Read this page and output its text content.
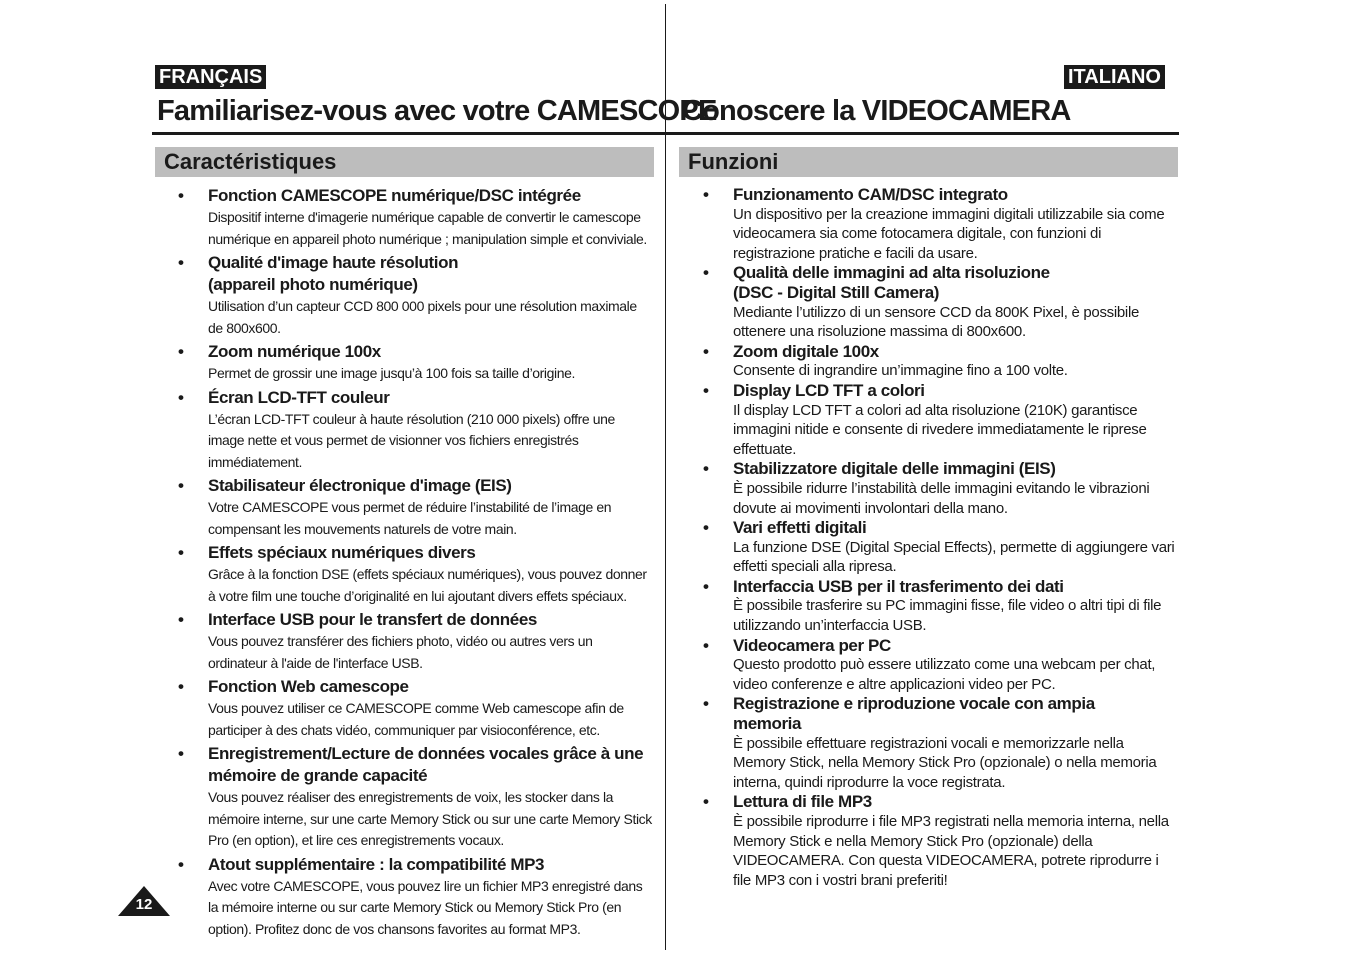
FRANÇAIS	ITALIANO
Familiarisez-vous avec votre CAMESCOPE
Conoscere la VIDEOCAMERA
Caractéristiques	Funzioni
• Fonction CAMESCOPE numérique/DSC intégrée
Dispositif interne d'imagerie numérique capable de convertir le camescope numérique en appareil photo numérique ; manipulation simple et conviviale.
• Qualité d'image haute résolution
(appareil photo numérique)
Utilisation d’un capteur CCD 800 000 pixels pour une résolution maximale de 800x600.
• Zoom numérique 100x
Permet de grossir une image jusqu’à 100 fois sa taille d’origine.
• Écran LCD-TFT couleur
L’écran LCD-TFT couleur à haute résolution (210 000 pixels) offre une image nette et vous permet de visionner vos fichiers enregistrés immédiatement.
• Stabilisateur électronique d'image (EIS)
Votre CAMESCOPE vous permet de réduire l’instabilité de l’image en compensant les mouvements naturels de votre main.
• Effets spéciaux numériques divers
Grâce à la fonction DSE (effets spéciaux numériques), vous pouvez donner à votre film une touche d’originalité en lui ajoutant divers effets spéciaux.
• Interface USB pour le transfert de données
Vous pouvez transférer des fichiers photo, vidéo ou autres vers un ordinateur à l'aide de l'interface USB.
• Fonction Web camescope
Vous pouvez utiliser ce CAMESCOPE comme Web camescope afin de participer à des chats vidéo, communiquer par visioconférence, etc.
• Enregistrement/Lecture de données vocales grâce à une
mémoire de grande capacité
Vous pouvez réaliser des enregistrements de voix, les stocker dans la mémoire interne, sur une carte Memory Stick ou sur une carte Memory Stick Pro (en option), et lire ces enregistrements vocaux.
• Atout supplémentaire : la compatibilité MP3
Avec votre CAMESCOPE, vous pouvez lire un fichier MP3 enregistré dans la mémoire interne ou sur carte Memory Stick ou Memory Stick Pro (en option). Profitez donc de vos chansons favorites au format MP3.
• Funzionamento CAM/DSC integrato
Un dispositivo per la creazione immagini digitali utilizzabile sia come videocamera sia come fotocamera digitale, con funzioni di registrazione pratiche e facili da usare.
• Qualità delle immagini ad alta risoluzione
(DSC - Digital Still Camera)
Mediante l’utilizzo di un sensore CCD da 800K Pixel, è possibile ottenere una risoluzione massima di 800x600.
• Zoom digitale 100x
Consente di ingrandire un’immagine fino a 100 volte.
• Display LCD TFT a colori
Il display LCD TFT a colori ad alta risoluzione (210K) garantisce immagini nitide e consente di rivedere immediatamente le riprese effettuate.
• Stabilizzatore digitale delle immagini (EIS)
È possibile ridurre l’instabilità delle immagini evitando le vibrazioni dovute ai movimenti involontari della mano.
• Vari effetti digitali
La funzione DSE (Digital Special Effects), permette di aggiungere vari effetti speciali alla ripresa.
• Interfaccia USB per il trasferimento dei dati
È possibile trasferire su PC immagini fisse, file video o altri tipi di file utilizzando un’interfaccia USB.
• Videocamera per PC
Questo prodotto può essere utilizzato come una webcam per chat, video conferenze e altre applicazioni video per PC.
• Registrazione e riproduzione vocale con ampia
memoria
È possibile effettuare registrazioni vocali e memorizzarle nella Memory Stick, nella Memory Stick Pro (opzionale) o nella memoria interna, quindi riprodurre la voce registrata.
• Lettura di file MP3
È possibile riprodurre i file MP3 registrati nella memoria interna, nella Memory Stick e nella Memory Stick Pro (opzionale) della VIDEOCAMERA. Con questa VIDEOCAMERA, potrete riprodurre i file MP3 con i vostri brani preferiti!
12
